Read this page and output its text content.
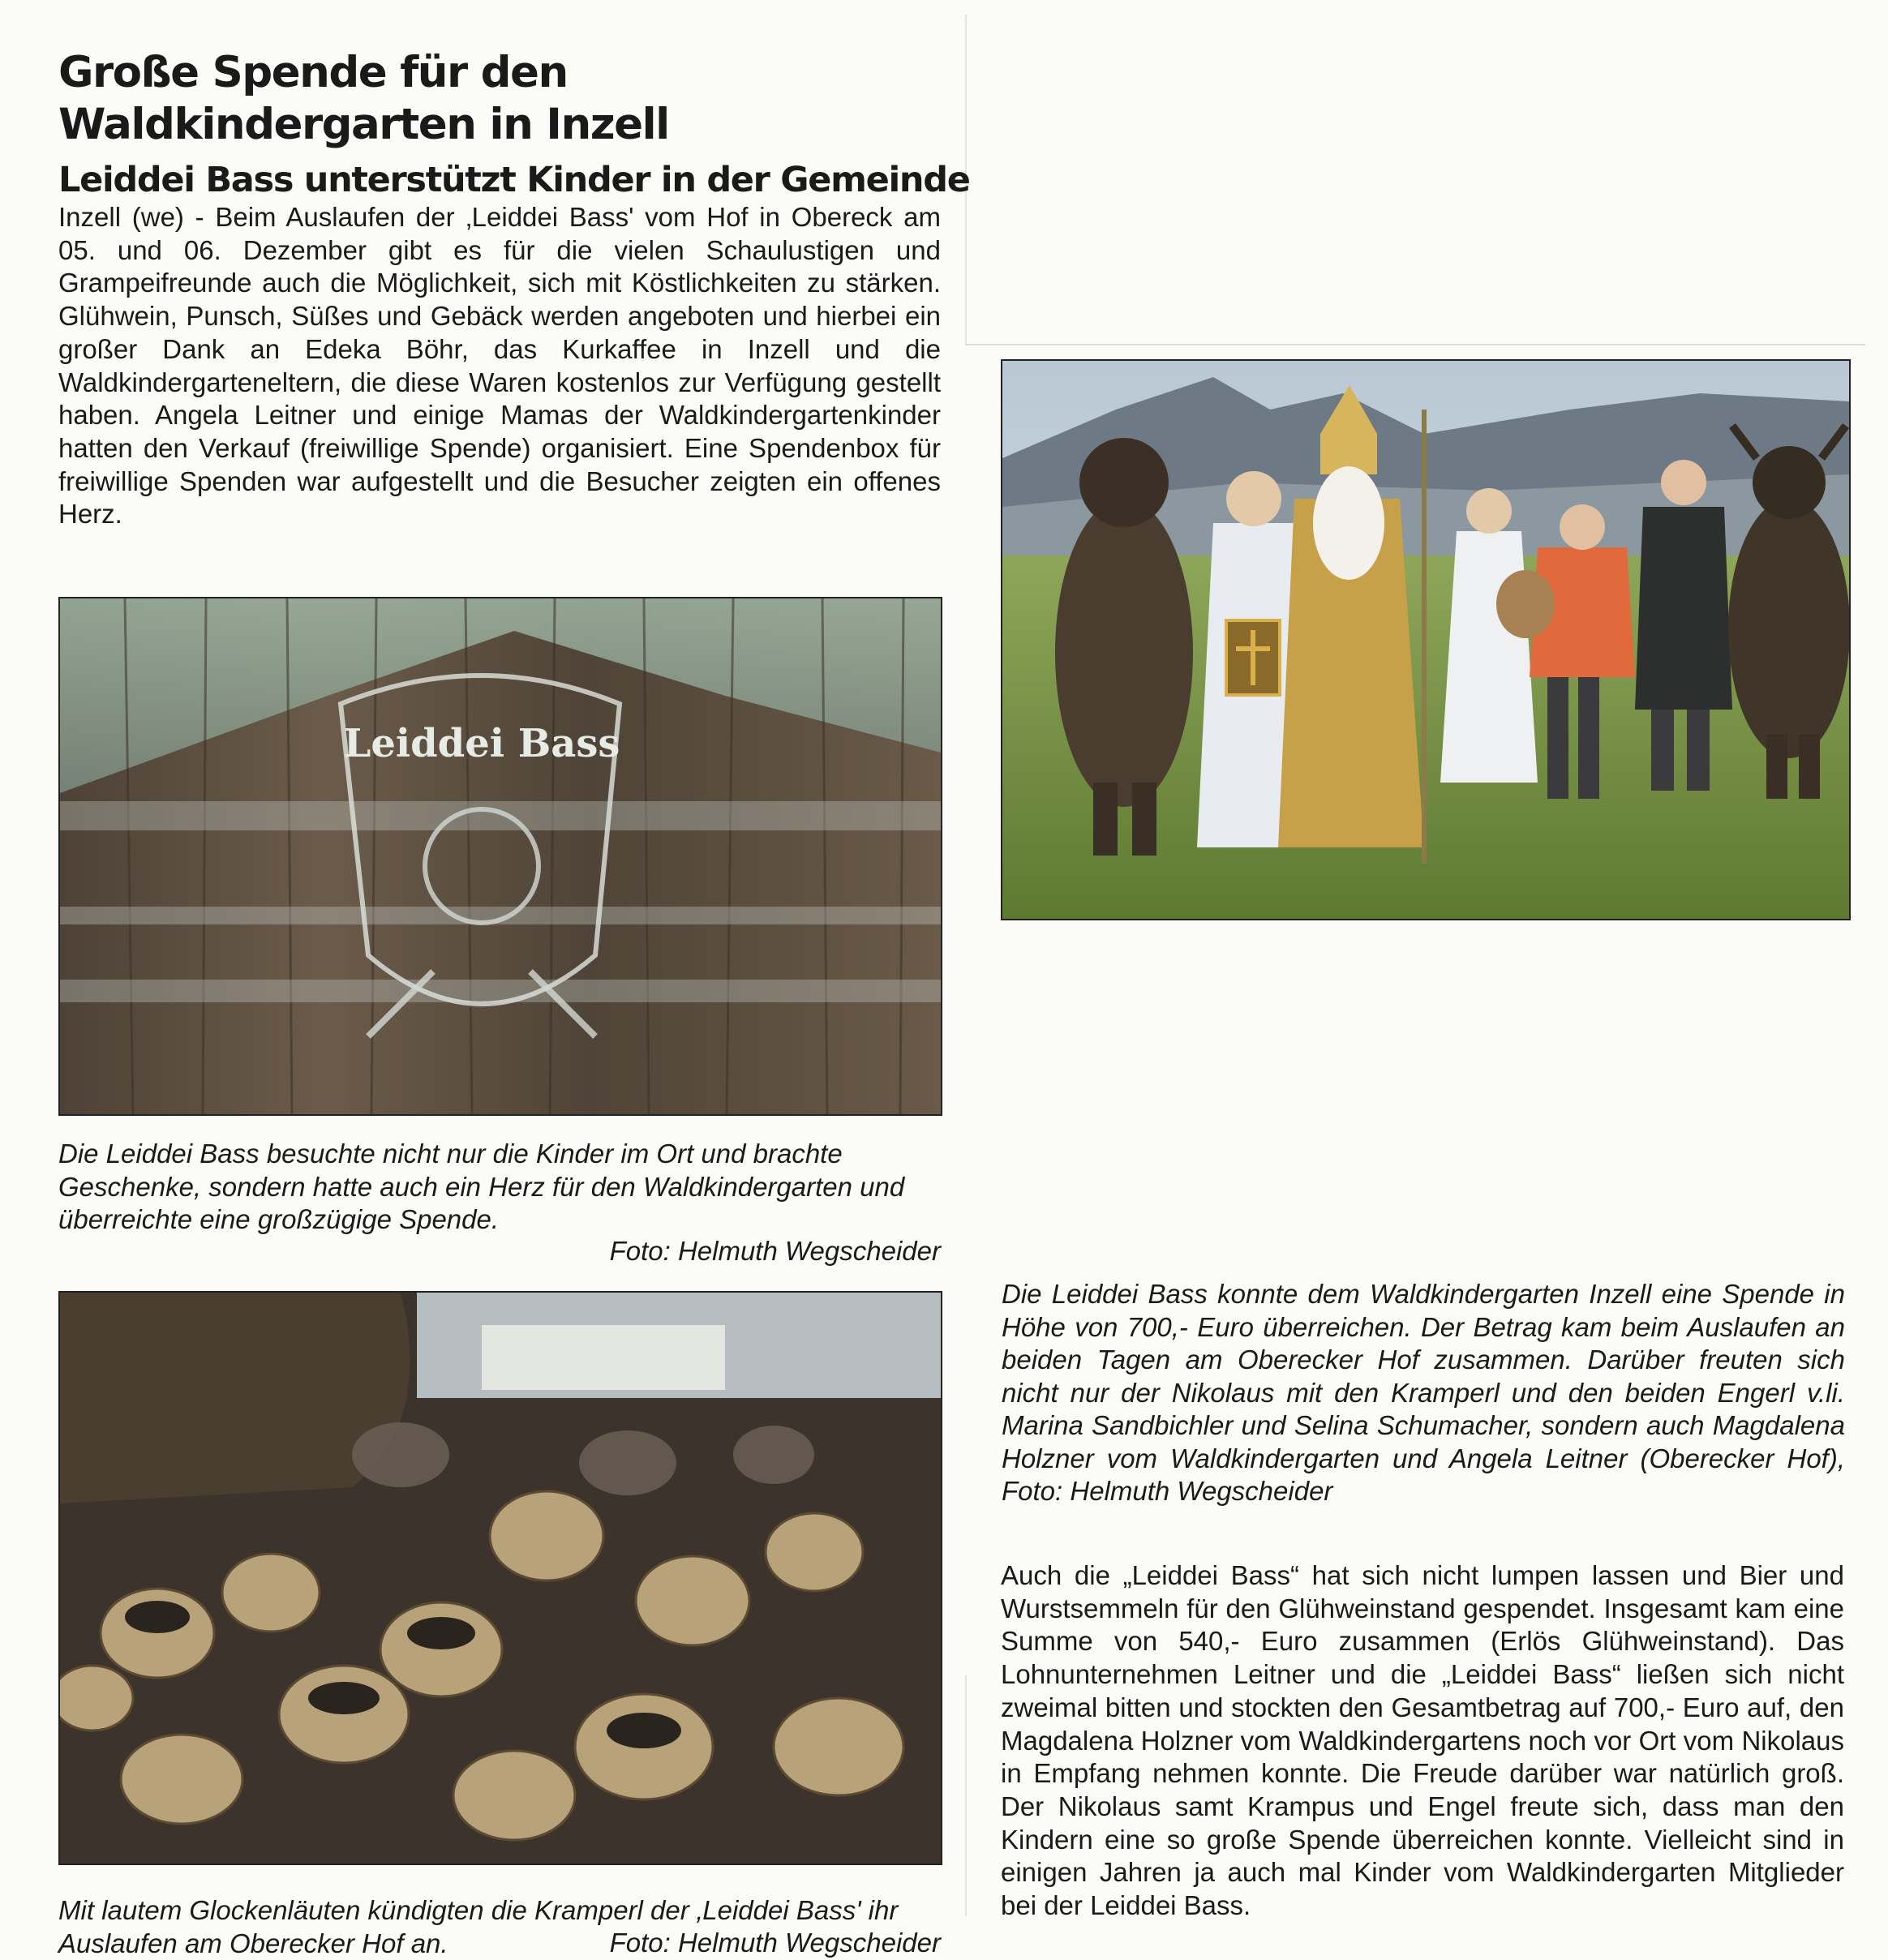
Große Spende für den Waldkindergarten in Inzell
Leiddei Bass unterstützt Kinder in der Gemeinde

Inzell (we) - Beim Auslaufen der ‚Leiddei Bass' vom Hof in Obereck am 05. und 06. Dezember gibt es für die vielen Schaulustigen und Grampeifreunde auch die Möglichkeit, sich mit Köstlichkeiten zu stärken. Glühwein, Punsch, Süßes und Gebäck werden angeboten und hierbei ein großer Dank an Edeka Böhr, das Kurkaffee in Inzell und die Waldkindergarteneltern, die diese Waren kostenlos zur Verfügung gestellt haben. Angela Leitner und einige Mamas der Waldkindergartenkinder hatten den Verkauf (freiwillige Spende) organisiert. Eine Spendenbox für freiwillige Spenden war aufgestellt und die Besucher zeigten ein offenes Herz.

Leiddei Bass

Die Leiddei Bass besuchte nicht nur die Kinder im Ort und brachte Geschenke, sondern hatte auch ein Herz für den Waldkindergarten und überreichte eine großzügige Spende.

Foto: Helmuth Wegscheider

Mit lautem Glockenläuten kündigten die Kramperl der ‚Leiddei Bass' ihr Auslaufen am Oberecker Hof an.	Foto: Helmuth Wegscheider

Die Leiddei Bass konnte dem Waldkindergarten Inzell eine Spende in Höhe von 700,- Euro überreichen. Der Betrag kam beim Auslaufen an beiden Tagen am Oberecker Hof zusammen. Darüber freuten sich nicht nur der Nikolaus mit den Kramperl und den beiden Engerl v.li. Marina Sandbichler und Selina Schumacher, sondern auch Magdalena Holzner vom Waldkindergarten und Angela Leitner (Oberecker Hof), Foto: Helmuth Wegscheider

Auch die „Leiddei Bass“ hat sich nicht lumpen lassen und Bier und Wurstsemmeln für den Glühweinstand gespendet. Insgesamt kam eine Summe von 540,- Euro zusammen (Erlös Glühweinstand). Das Lohnunternehmen Leitner und die „Leiddei Bass“ ließen sich nicht zweimal bitten und stockten den Gesamtbetrag auf 700,- Euro auf, den Magdalena Holzner vom Waldkindergartens noch vor Ort vom Nikolaus in Empfang nehmen konnte. Die Freude darüber war natürlich groß. Der Nikolaus samt Krampus und Engel freute sich, dass man den Kindern eine so große Spende überreichen konnte. Vielleicht sind in einigen Jahren ja auch mal Kinder vom Waldkindergarten Mitglieder bei der Leiddei Bass.
